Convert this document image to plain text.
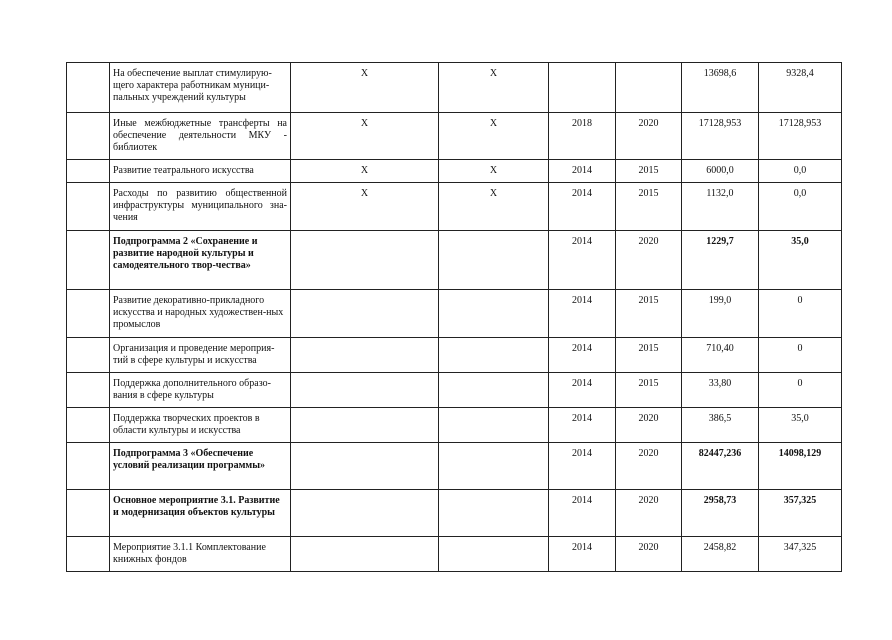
	На обеспечение выплат стимулирую-щего характера работникам муници-пальных учреждений культуры	X	X			13698,6	9328,4
	Иные межбюджетные трансферты на обеспечение деятельности МКУ - библиотек	X	X	2018	2020	17128,953	17128,953
	Развитие театрального искусства	X	X	2014	2015	6000,0	0,0
	Расходы по развитию общественной инфраструктуры муниципального зна-чения	X	X	2014	2015	1132,0	0,0
	Подпрограмма 2 «Сохранение и развитие народной культуры и самодеятельного твор-чества»			2014	2020	1229,7	35,0
	Развитие декоративно-прикладного искусства и народных художествен-ных промыслов			2014	2015	199,0	0
	Организация и проведение мероприя-тий в сфере культуры и искусства			2014	2015	710,40	0
	Поддержка дополнительного образо-вания в сфере культуры			2014	2015	33,80	0
	Поддержка творческих проектов в области культуры и искусства			2014	2020	386,5	35,0
	Подпрограмма 3 «Обеспечение условий реализации программы»			2014	2020	82447,236	14098,129
	Основное мероприятие 3.1. Развитие и модернизация объектов культуры			2014	2020	2958,73	357,325
	Мероприятие 3.1.1 Комплектование книжных фондов			2014	2020	2458,82	347,325
